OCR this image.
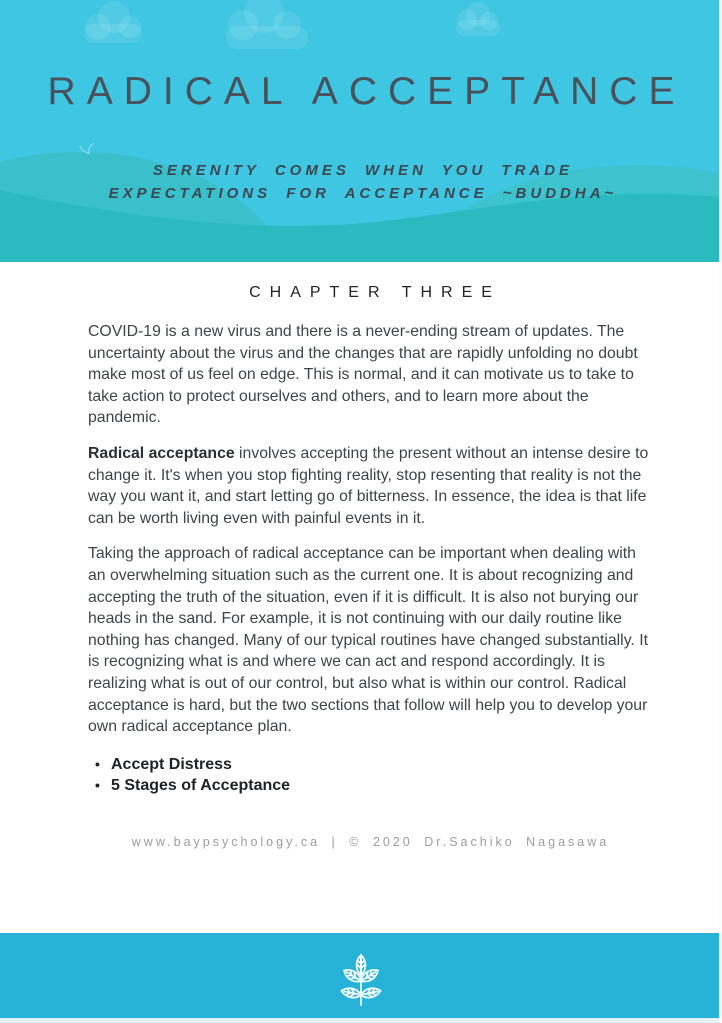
RADICAL ACCEPTANCE
SERENITY COMES WHEN YOU TRADE
EXPECTATIONS FOR ACCEPTANCE ~BUDDHA~
CHAPTER THREE

COVID-19 is a new virus and there is a never-ending stream of updates. The uncertainty about the virus and the changes that are rapidly unfolding no doubt make most of us feel on edge. This is normal, and it can motivate us to take to take action to protect ourselves and others, and to learn more about the pandemic.

Radical acceptance involves accepting the present without an intense desire to change it. It's when you stop fighting reality, stop resenting that reality is not the way you want it, and start letting go of bitterness. In essence, the idea is that life can be worth living even with painful events in it.

Taking the approach of radical acceptance can be important when dealing with an overwhelming situation such as the current one. It is about recognizing and accepting the truth of the situation, even if it is difficult. It is also not burying our heads in the sand. For example, it is not continuing with our daily routine like nothing has changed. Many of our typical routines have changed substantially. It is recognizing what is and where we can act and respond accordingly. It is realizing what is out of our control, but also what is within our control. Radical acceptance is hard, but the two sections that follow will help you to develop your own radical acceptance plan.

• Accept Distress
• 5 Stages of Acceptance
www.baypsychology.ca | © 2020 Dr.Sachiko Nagasawa
